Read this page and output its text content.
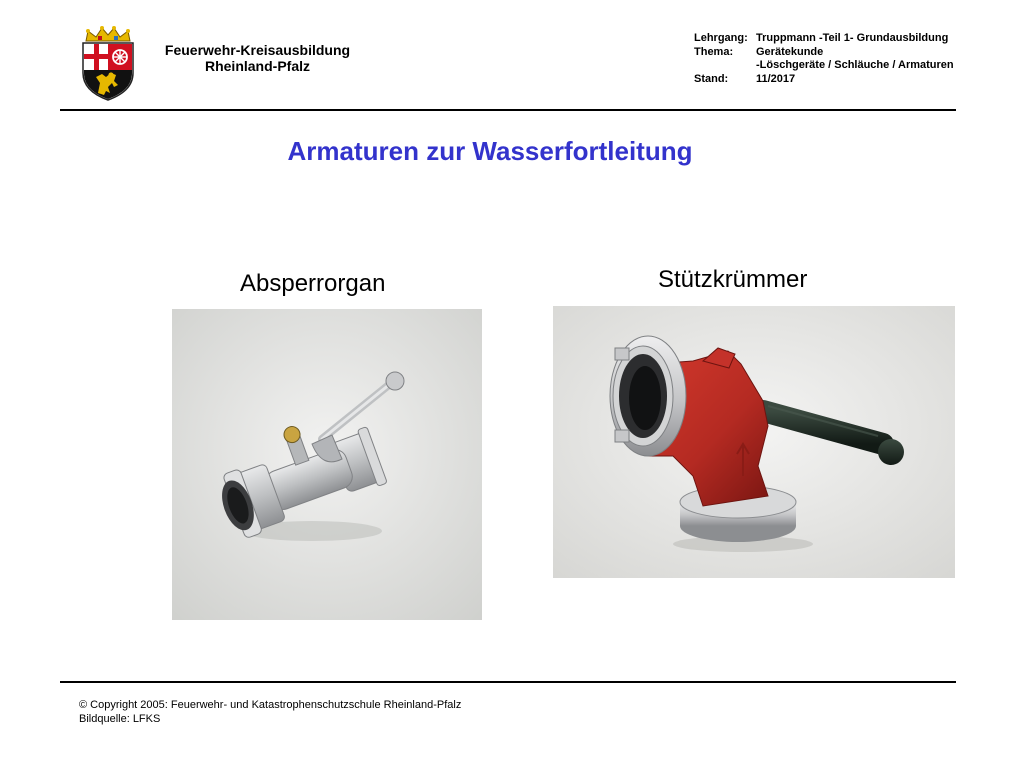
Feuerwehr-Kreisausbildung
Rheinland-Pfalz
Lehrgang: Truppmann -Teil 1- Grundausbildung
Thema:	Gerätekunde
-Löschgeräte / Schläuche / Armaturen
Stand:	11/2017
Armaturen zur Wasserfortleitung
Absperrorgan	Stützkrümmer
© Copyright 2005: Feuerwehr- und Katastrophenschutzschule Rheinland-Pfalz
Bildquelle: LFKS
